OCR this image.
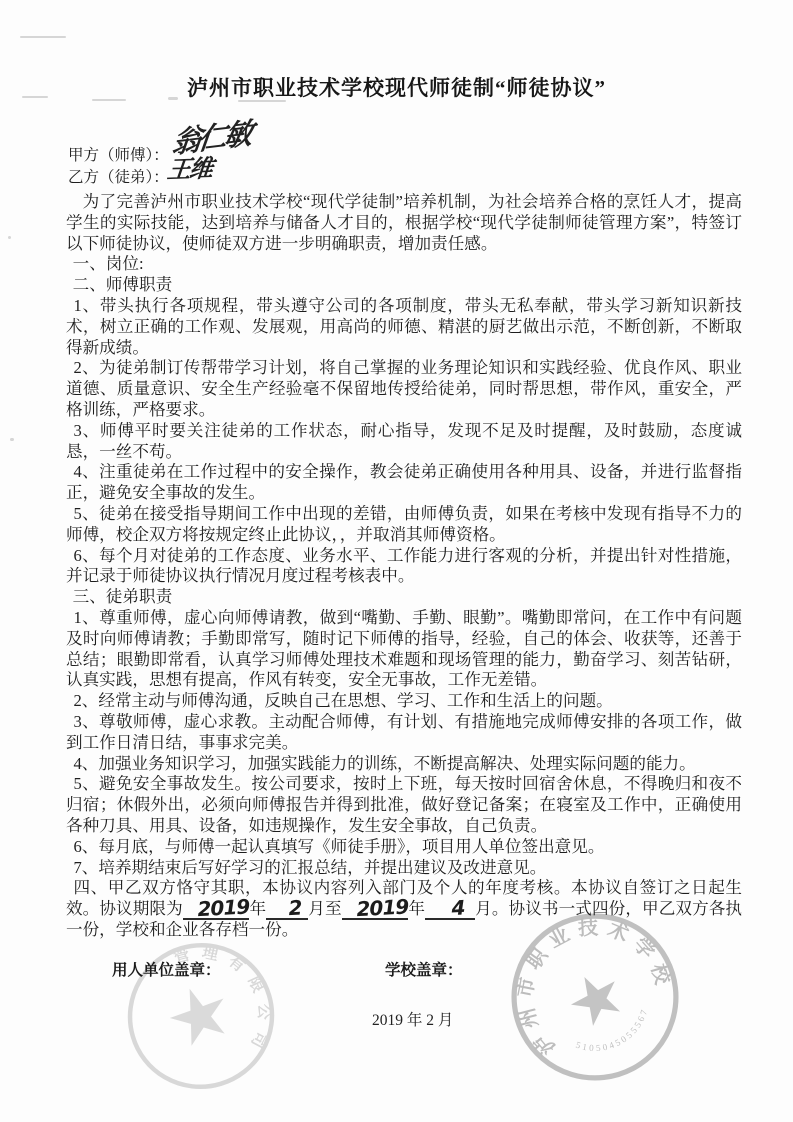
泸州市职业技术学校现代师徒制“师徒协议”
甲方（师傅）：翁仁敏
乙方（徒弟）：王维

为了完善泸州市职业技术学校“现代学徒制”培养机制，为社会培养合格的烹饪人才，提高学生的实际技能，达到培养与储备人才目的，根据学校“现代学徒制师徒管理方案”，特签订以下师徒协议，使师徒双方进一步明确职责，增加责任感。

一、岗位:

二、师傅职责

1、带头执行各项规程，带头遵守公司的各项制度，带头无私奉献，带头学习新知识新技术，树立正确的工作观、发展观，用高尚的师德、精湛的厨艺做出示范，不断创新，不断取得新成绩。

2、为徒弟制订传帮带学习计划，将自己掌握的业务理论知识和实践经验、优良作风、职业道德、质量意识、安全生产经验毫不保留地传授给徒弟，同时帮思想，带作风，重安全，严格训练，严格要求。

3、师傅平时要关注徒弟的工作状态，耐心指导，发现不足及时提醒，及时鼓励，态度诚恳，一丝不苟。

4、注重徒弟在工作过程中的安全操作，教会徒弟正确使用各种用具、设备，并进行监督指正，避免安全事故的发生。

5、徒弟在接受指导期间工作中出现的差错，由师傅负责，如果在考核中发现有指导不力的师傅，校企双方将按规定终止此协议，，并取消其师傅资格。

6、每个月对徒弟的工作态度、业务水平、工作能力进行客观的分析，并提出针对性措施，并记录于师徒协议执行情况月度过程考核表中。

三、徒弟职责

1、尊重师傅，虚心向师傅请教，做到“嘴勤、手勤、眼勤”。嘴勤即常问，在工作中有问题及时向师傅请教；手勤即常写，随时记下师傅的指导，经验，自己的体会、收获等，还善于总结；眼勤即常看，认真学习师傅处理技术难题和现场管理的能力，勤奋学习、刻苦钻研，认真实践，思想有提高，作风有转变，安全无事故，工作无差错。

2、经常主动与师傅沟通，反映自己在思想、学习、工作和生活上的问题。

3、尊敬师傅，虚心求教。主动配合师傅，有计划、有措施地完成师傅安排的各项工作，做到工作日清日结，事事求完美。

4、加强业务知识学习，加强实践能力的训练，不断提高解决、处理实际问题的能力。

5、避免安全事故发生。按公司要求，按时上下班，每天按时回宿舍休息，不得晚归和夜不归宿；休假外出，必须向师傅报告并得到批准，做好登记备案；在寝室及工作中，正确使用各种刀具、用具、设备，如违规操作，发生安全事故，自己负责。

6、每月底，与师傅一起认真填写《师徒手册》，项目用人单位签出意见。

7、培养期结束后写好学习的汇报总结，并提出建议及改进意见。

四、甲乙双方恪守其职，本协议内容列入部门及个人的年度考核。本协议自签订之日起生效。协议期限为 2019年 2 月至 2019年 4 月。协议书一式四份，甲乙双方各执一份，学校和企业各存档一份。

用人单位盖章：	学校盖章：
2019 年 2 月
管理有限公司	泸州市职业技术学校
5105045055567
